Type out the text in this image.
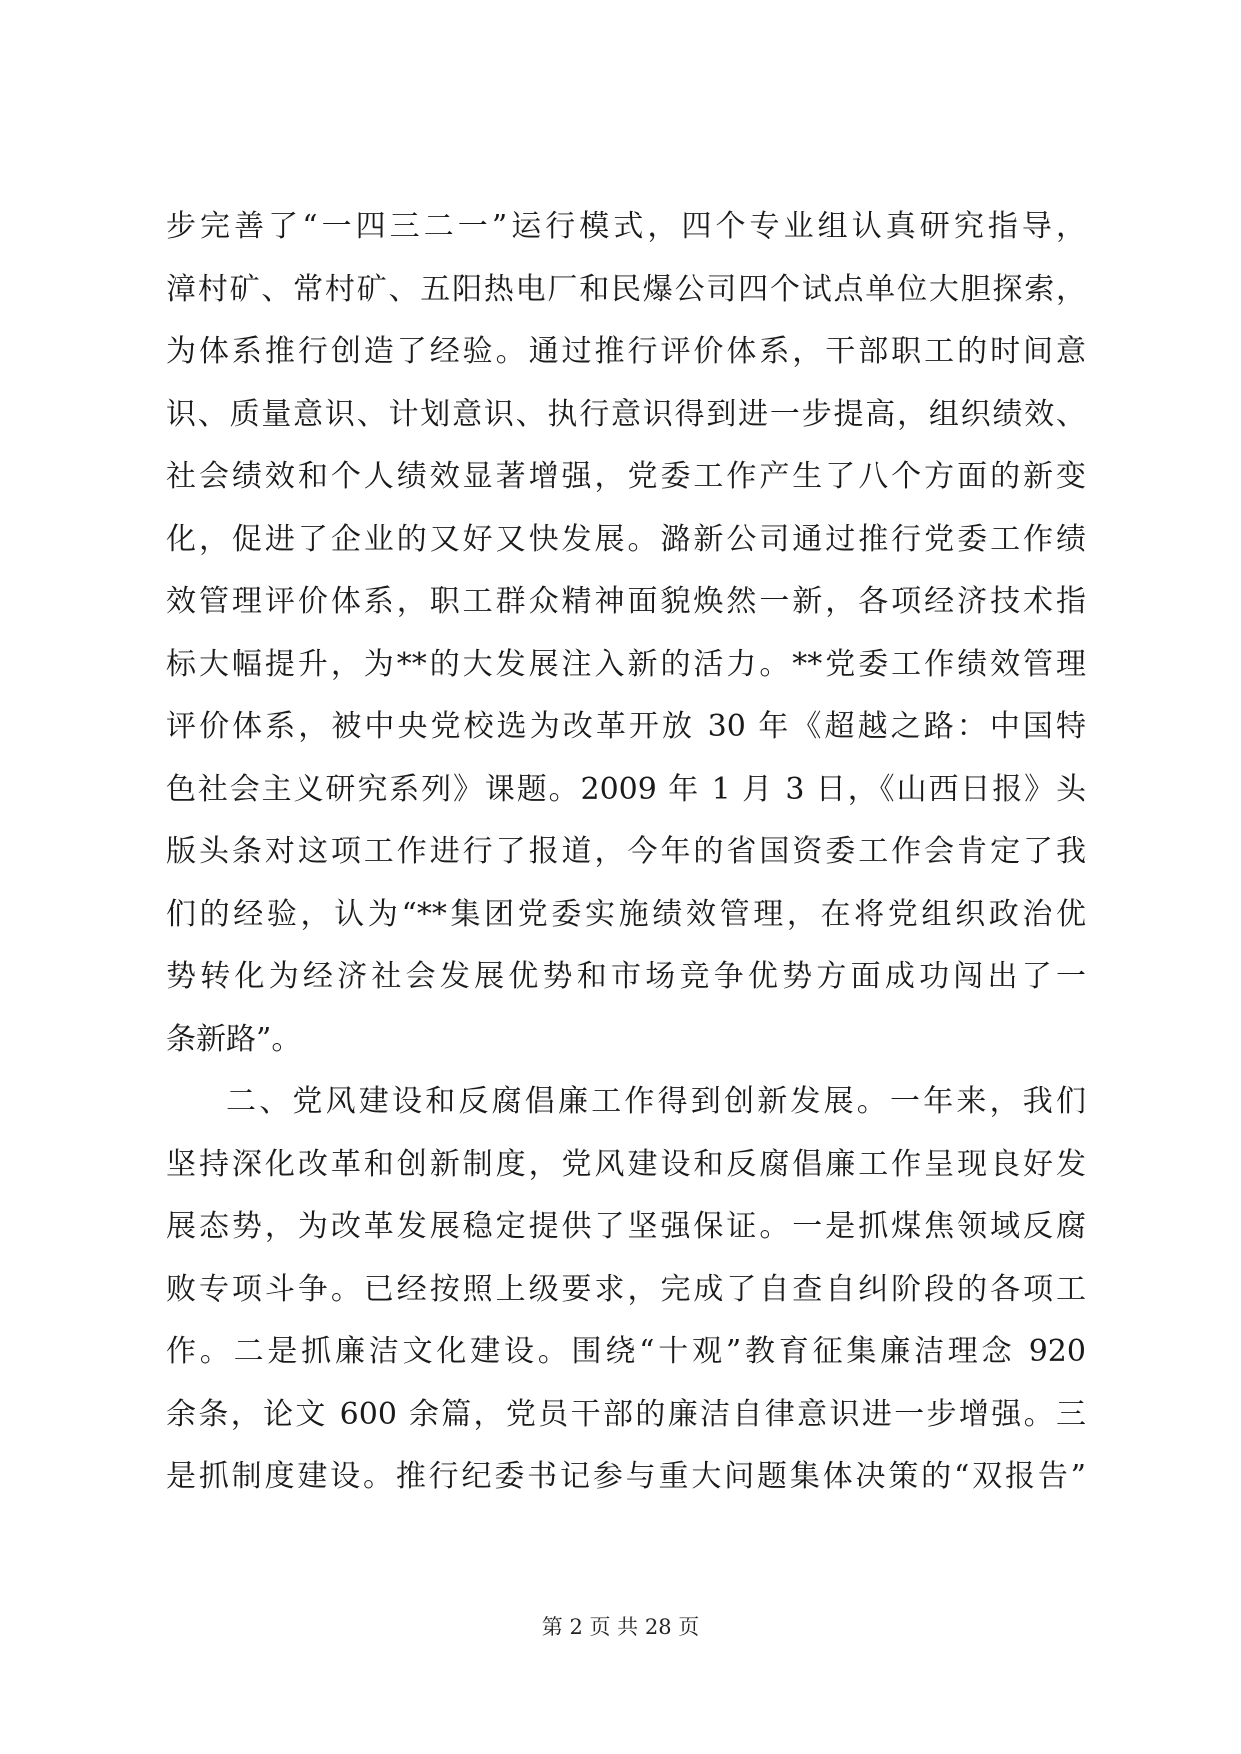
步完善了“一四三二一”运行模式，四个专业组认真研究指导，
漳村矿、常村矿、五阳热电厂和民爆公司四个试点单位大胆探索，
为体系推行创造了经验。通过推行评价体系，干部职工的时间意
识、质量意识、计划意识、执行意识得到进一步提高，组织绩效、
社会绩效和个人绩效显著增强，党委工作产生了八个方面的新变
化，促进了企业的又好又快发展。潞新公司通过推行党委工作绩
效管理评价体系，职工群众精神面貌焕然一新，各项经济技术指
标大幅提升，为**的大发展注入新的活力。**党委工作绩效管理
评价体系，被中央党校选为改革开放 30 年《超越之路：中国特
色社会主义研究系列》课题。2009 年 1 月 3 日，《山西日报》头
版头条对这项工作进行了报道，今年的省国资委工作会肯定了我
们的经验，认为“**集团党委实施绩效管理，在将党组织政治优
势转化为经济社会发展优势和市场竞争优势方面成功闯出了一
条新路”。
二、党风建设和反腐倡廉工作得到创新发展。一年来，我们
坚持深化改革和创新制度，党风建设和反腐倡廉工作呈现良好发
展态势，为改革发展稳定提供了坚强保证。一是抓煤焦领域反腐
败专项斗争。已经按照上级要求，完成了自查自纠阶段的各项工
作。二是抓廉洁文化建设。围绕“十观”教育征集廉洁理念 920
余条，论文 600 余篇，党员干部的廉洁自律意识进一步增强。三
是抓制度建设。推行纪委书记参与重大问题集体决策的“双报告”
第 2 页 共 28 页
